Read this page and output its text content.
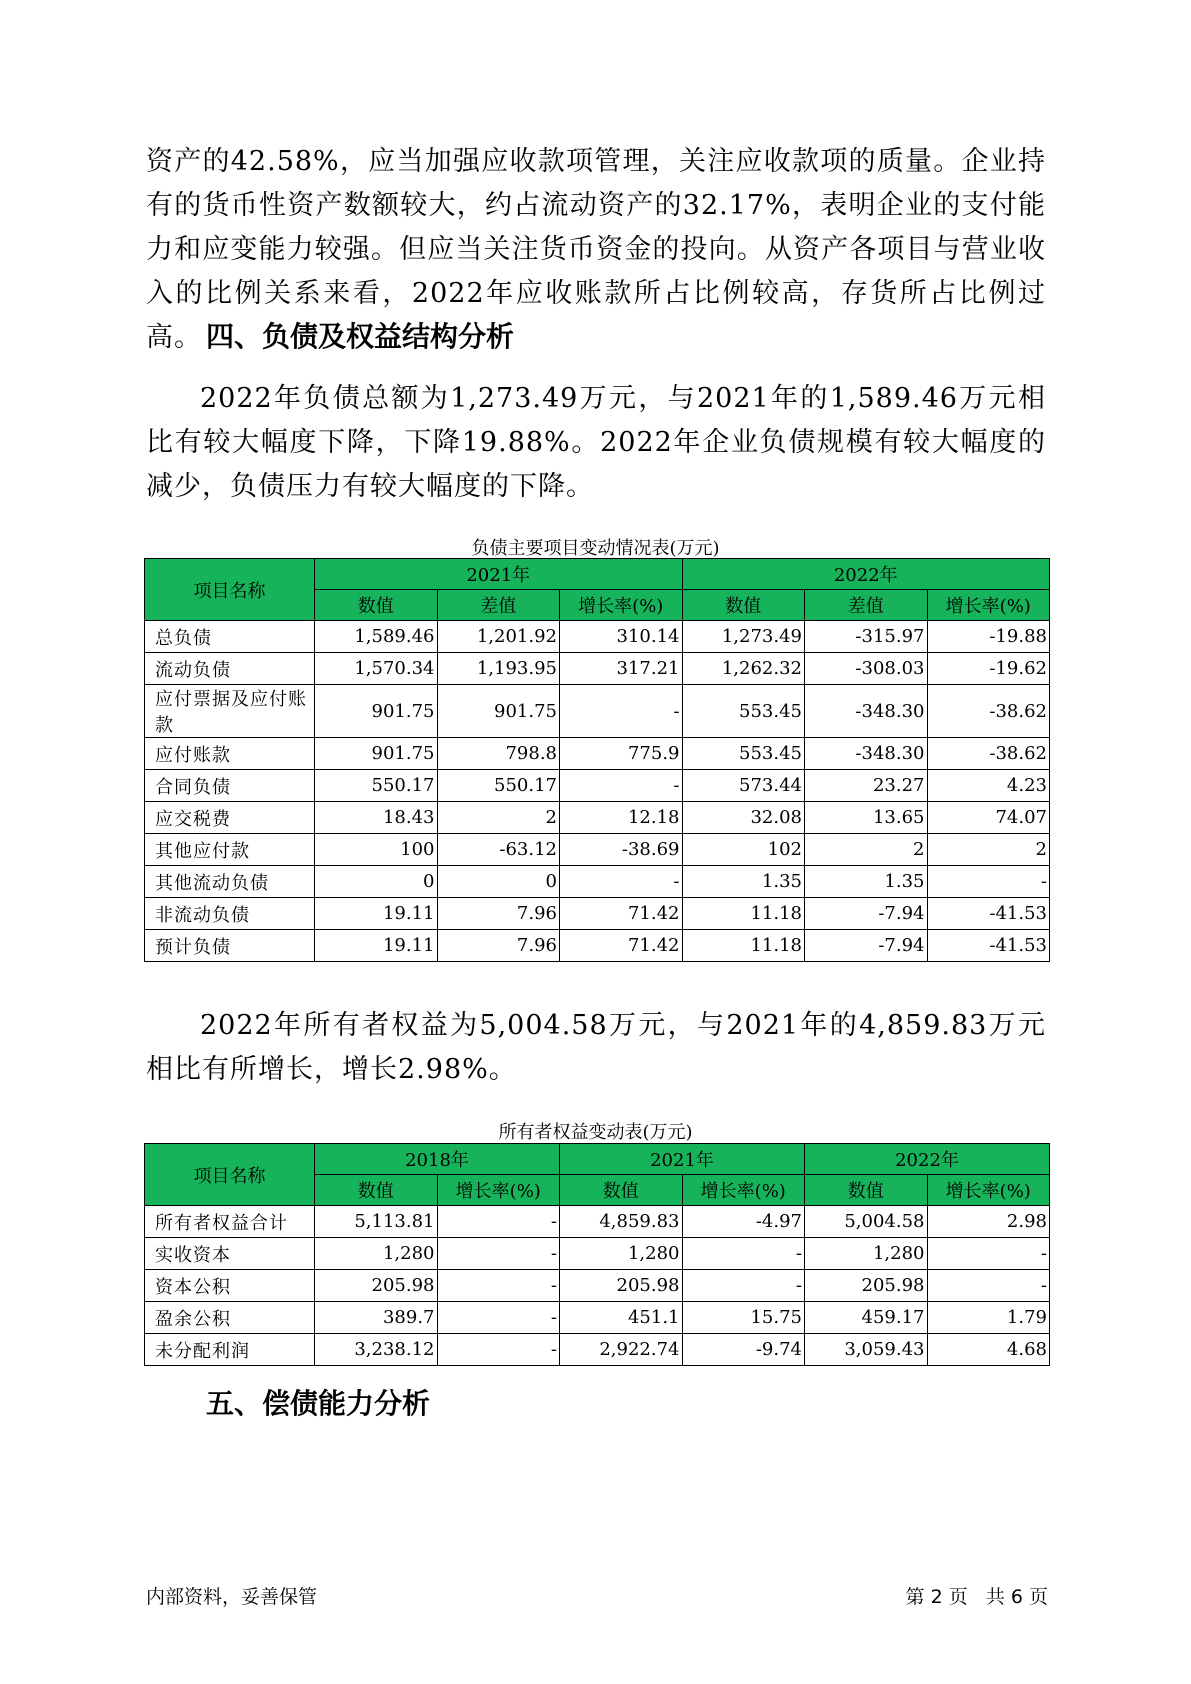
资产的42.58%，应当加强应收款项管理，关注应收款项的质量。企业持有的货币性资产数额较大，约占流动资产的32.17%，表明企业的支付能力和应变能力较强。但应当关注货币资金的投向。从资产各项目与营业收入的比例关系来看，2022年应收账款所占比例较高，存货所占比例过高。 四、负债及权益结构分析

2022年负债总额为1,273.49万元，与2021年的1,589.46万元相比有较大幅度下降，下降19.88%。2022年企业负债规模有较大幅度的减少，负债压力有较大幅度的下降。

负债主要项目变动情况表(万元)

项目名称	2021年			2022年		
	数值	差值	增长率(%)	数值	差值	增长率(%)
总负债	1,589.46	1,201.92	310.14	1,273.49	-315.97	-19.88
流动负债	1,570.34	1,193.95	317.21	1,262.32	-308.03	-19.62
应付票据及应付账款	901.75	901.75	-	553.45	-348.30	-38.62
应付账款	901.75	798.8	775.9	553.45	-348.30	-38.62
合同负债	550.17	550.17	-	573.44	23.27	4.23
应交税费	18.43	2	12.18	32.08	13.65	74.07
其他应付款	100	-63.12	-38.69	102	2	2
其他流动负债	0	0	-	1.35	1.35	-
非流动负债	19.11	7.96	71.42	11.18	-7.94	-41.53
预计负债	19.11	7.96	71.42	11.18	-7.94	-41.53

2022年所有者权益为5,004.58万元，与2021年的4,859.83万元相比有所增长，增长2.98%。

所有者权益变动表(万元)

项目名称	2018年		2021年		2022年	
	数值	增长率(%)	数值	增长率(%)	数值	增长率(%)
所有者权益合计	5,113.81	-	4,859.83	-4.97	5,004.58	2.98
实收资本	1,280	-	1,280	-	1,280	-
资本公积	205.98	-	205.98	-	205.98	-
盈余公积	389.7	-	451.1	15.75	459.17	1.79
未分配利润	3,238.12	-	2,922.74	-9.74	3,059.43	4.68
五、偿债能力分析
内部资料，妥善保管	第 2 页   共 6 页
